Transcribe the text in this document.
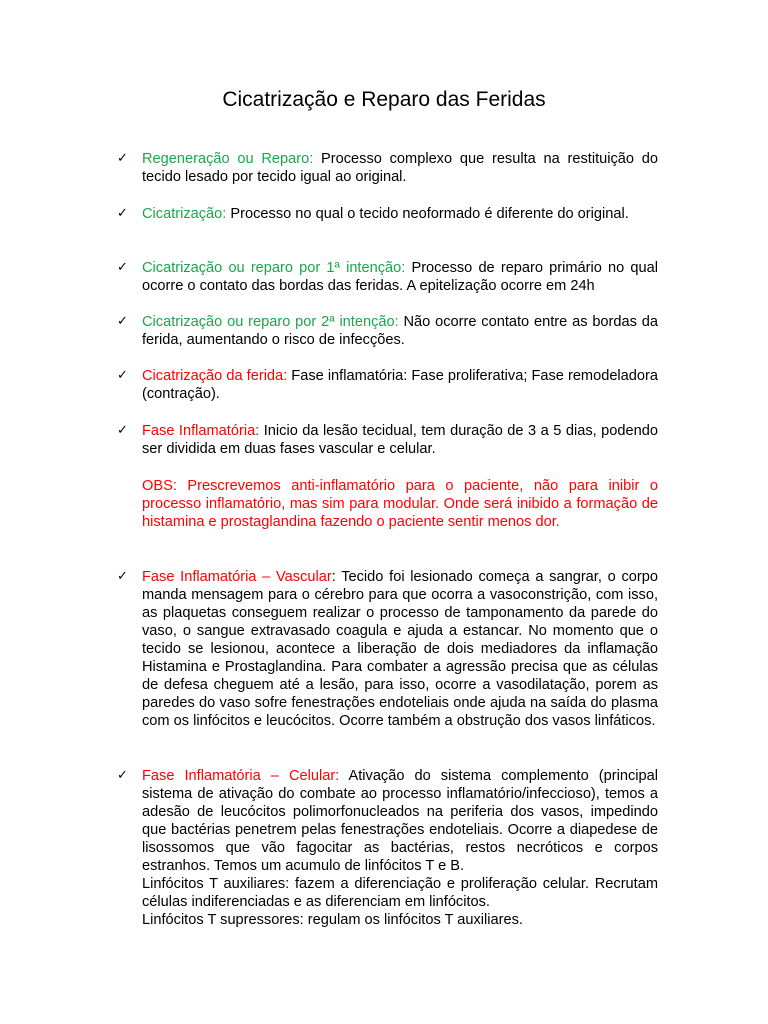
Cicatrização e Reparo das Feridas
✓ Regeneração ou Reparo: Processo complexo que resulta na restituição do tecido lesado por tecido igual ao original.
✓ Cicatrização: Processo no qual o tecido neoformado é diferente do original.
✓ Cicatrização ou reparo por 1ª intenção: Processo de reparo primário no qual ocorre o contato das bordas das feridas. A epitelização ocorre em 24h
✓ Cicatrização ou reparo por 2ª intenção: Não ocorre contato entre as bordas da ferida, aumentando o risco de infecções.
✓ Cicatrização da ferida: Fase inflamatória: Fase proliferativa; Fase remodeladora (contração).
✓ Fase Inflamatória: Inicio da lesão tecidual, tem duração de 3 a 5 dias, podendo ser dividida em duas fases vascular e celular.
OBS: Prescrevemos anti-inflamatório para o paciente, não para inibir o processo inflamatório, mas sim para modular. Onde será inibido a formação de histamina e prostaglandina fazendo o paciente sentir menos dor.
✓ Fase Inflamatória – Vascular: Tecido foi lesionado começa a sangrar, o corpo manda mensagem para o cérebro para que ocorra a vasoconstrição, com isso, as plaquetas conseguem realizar o processo de tamponamento da parede do vaso, o sangue extravasado coagula e ajuda a estancar. No momento que o tecido se lesionou, acontece a liberação de dois mediadores da inflamação Histamina e Prostaglandina. Para combater a agressão precisa que as células de defesa cheguem até a lesão, para isso, ocorre a vasodilatação, porem as paredes do vaso sofre fenestrações endoteliais onde ajuda na saída do plasma com os linfócitos e leucócitos. Ocorre também a obstrução dos vasos linfáticos.
✓ Fase Inflamatória – Celular: Ativação do sistema complemento (principal sistema de ativação do combate ao processo inflamatório/infeccioso), temos a adesão de leucócitos polimorfonucleados na periferia dos vasos, impedindo que bactérias penetrem pelas fenestrações endoteliais. Ocorre a diapedese de lisossomos que vão fagocitar as bactérias, restos necróticos e corpos estranhos. Temos um acumulo de linfócitos T e B.
Linfócitos T auxiliares: fazem a diferenciação e proliferação celular. Recrutam células indiferenciadas e as diferenciam em linfócitos.
Linfócitos T supressores: regulam os linfócitos T auxiliares.
